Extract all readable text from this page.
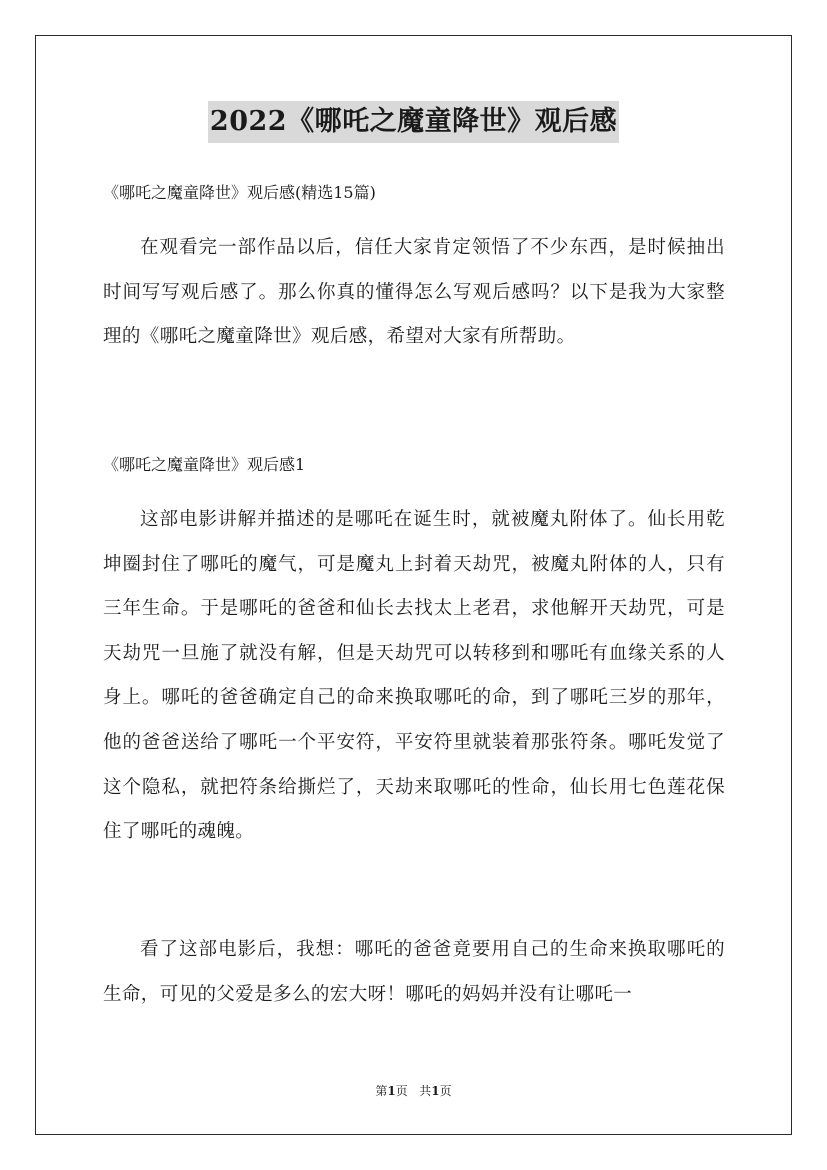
2022《哪吒之魔童降世》观后感
《哪吒之魔童降世》观后感(精选15篇)

在观看完一部作品以后，信任大家肯定领悟了不少东西，是时候抽出时间写写观后感了。那么你真的懂得怎么写观后感吗？以下是我为大家整理的《哪吒之魔童降世》观后感，希望对大家有所帮助。

《哪吒之魔童降世》观后感1

这部电影讲解并描述的是哪吒在诞生时，就被魔丸附体了。仙长用乾坤圈封住了哪吒的魔气，可是魔丸上封着天劫咒，被魔丸附体的人，只有三年生命。于是哪吒的爸爸和仙长去找太上老君，求他解开天劫咒，可是天劫咒一旦施了就没有解，但是天劫咒可以转移到和哪吒有血缘关系的人身上。哪吒的爸爸确定自己的命来换取哪吒的命，到了哪吒三岁的那年，他的爸爸送给了哪吒一个平安符，平安符里就装着那张符条。哪吒发觉了这个隐私，就把符条给撕烂了，天劫来取哪吒的性命，仙长用七色莲花保住了哪吒的魂魄。

看了这部电影后，我想：哪吒的爸爸竟要用自己的生命来换取哪吒的生命，可见的父爱是多么的宏大呀！哪吒的妈妈并没有让哪吒一

第1页 共1页
